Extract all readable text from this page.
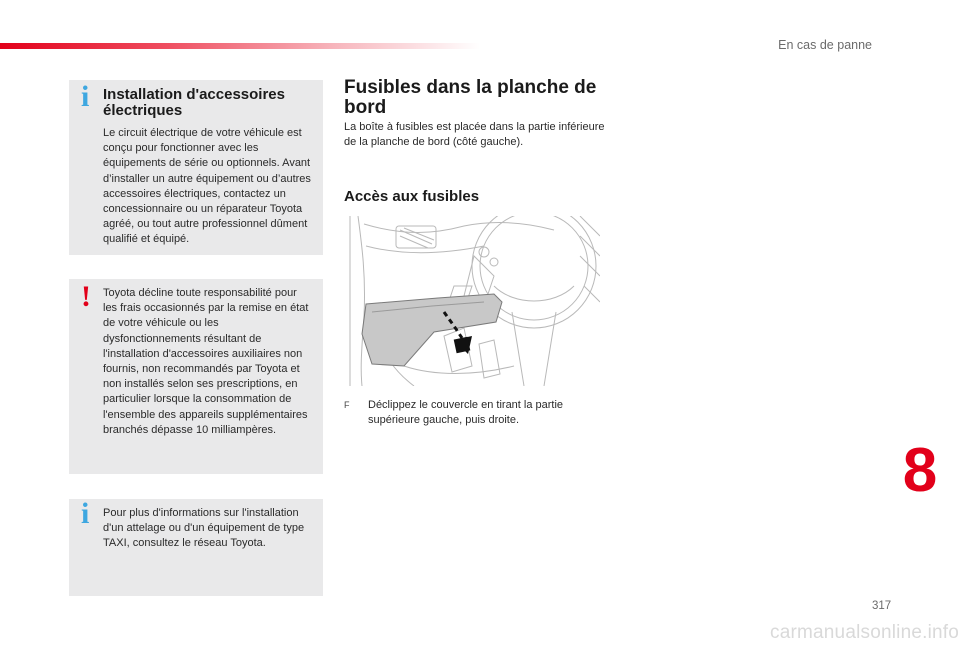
En cas de panne
i Installation d'accessoires électriques
Le circuit électrique de votre véhicule est conçu pour fonctionner avec les équipements de série ou optionnels. Avant d’installer un autre équipement ou d’autres accessoires électriques, contactez un concessionnaire ou un réparateur Toyota agréé, ou tout autre professionnel dûment qualifié et équipé.
! Toyota décline toute responsabilité pour les frais occasionnés par la remise en état de votre véhicule ou les dysfonctionnements résultant de l'installation d'accessoires auxiliaires non fournis, non recommandés par Toyota et non installés selon ses prescriptions, en particulier lorsque la consommation de l'ensemble des appareils supplémentaires branchés dépasse 10 milliampères.
i Pour plus d'informations sur l'installation d'un attelage ou d'un équipement de type TAXI, consultez le réseau Toyota.
Fusibles dans la planche de bord
La boîte à fusibles est placée dans la partie inférieure de la planche de bord (côté gauche).
Accès aux fusibles
F Déclippez le couvercle en tirant la partie supérieure gauche, puis droite.
8
317
carmanualsonline.info
